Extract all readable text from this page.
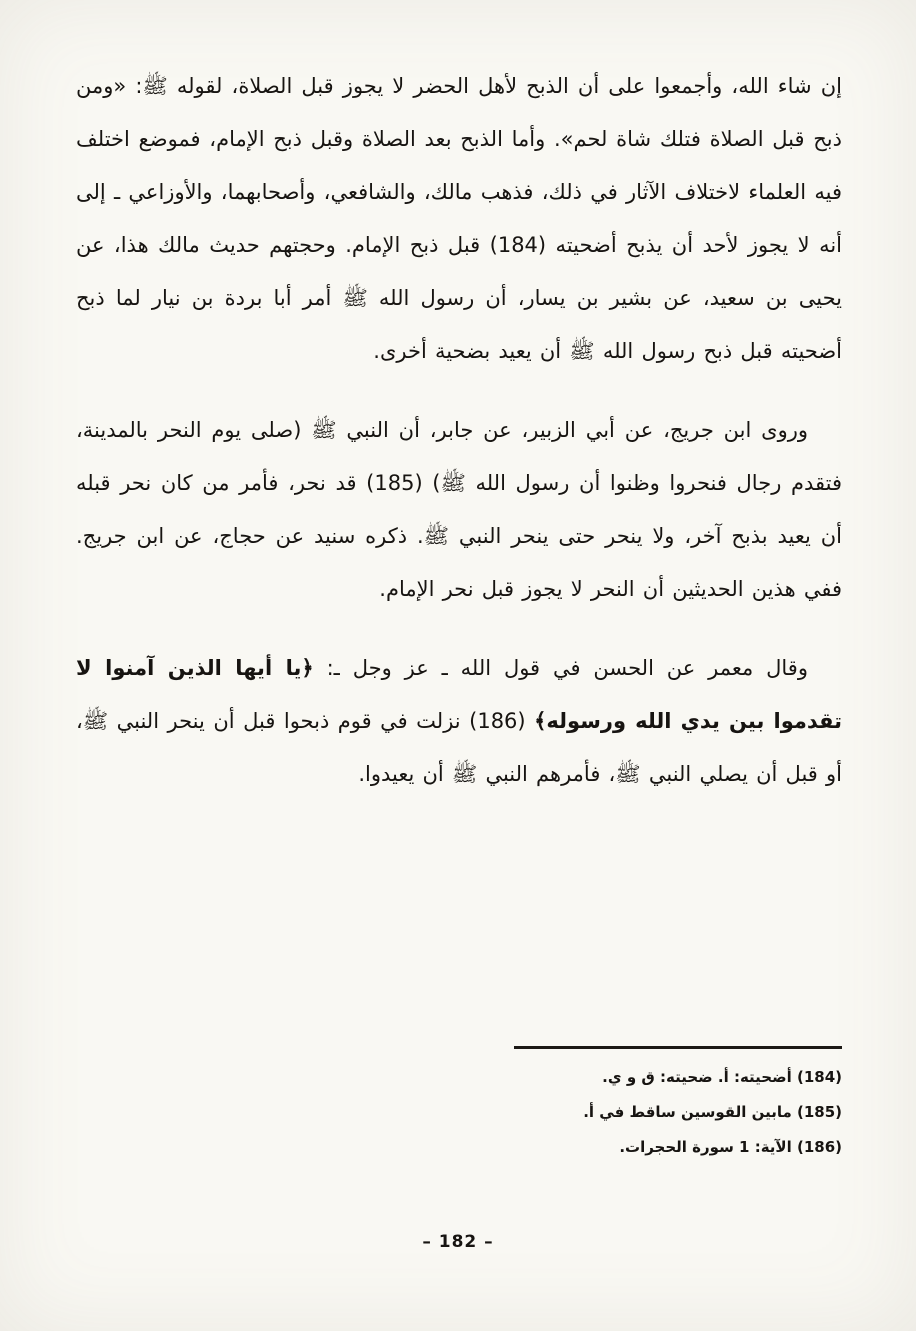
إن شاء الله، وأجمعوا على أن الذبح لأهل الحضر لا يجوز قبل الصلاة، لقوله ﷺ: «ومن ذبح قبل الصلاة فتلك شاة لحم». وأما الذبح بعد الصلاة وقبل ذبح الإمام، فموضع اختلف فيه العلماء لاختلاف الآثار في ذلك، فذهب مالك، والشافعي، وأصحابهما، والأوزاعي ـ إلى أنه لا يجوز لأحد أن يذبح أضحيته (184) قبل ذبح الإمام. وحجتهم حديث مالك هذا، عن يحيى بن سعيد، عن بشير بن يسار، أن رسول الله ﷺ أمر أبا بردة بن نيار لما ذبح أضحيته قبل ذبح رسول الله ﷺ أن يعيد بضحية أخرى.

وروى ابن جريج، عن أبي الزبير، عن جابر، أن النبي ﷺ (صلى يوم النحر بالمدينة، فتقدم رجال فنحروا وظنوا أن رسول الله ﷺ) (185) قد نحر، فأمر من كان نحر قبله أن يعيد بذبح آخر، ولا ينحر حتى ينحر النبي ﷺ. ذكره سنيد عن حجاج، عن ابن جريج. ففي هذين الحديثين أن النحر لا يجوز قبل نحر الإمام.

وقال معمر عن الحسن في قول الله ـ عز وجل ـ: ﴿يا أيها الذين آمنوا لا تقدموا بين يدي الله ورسوله﴾ (186) نزلت في قوم ذبحوا قبل أن ينحر النبي ﷺ، أو قبل أن يصلي النبي ﷺ، فأمرهم النبي ﷺ أن يعيدوا.

(184) أضحيته: أ. ضحيته: ق و ي.
(185) مابين القوسين ساقط في أ.
(186) الآية: 1 سورة الحجرات.
– 182 –
